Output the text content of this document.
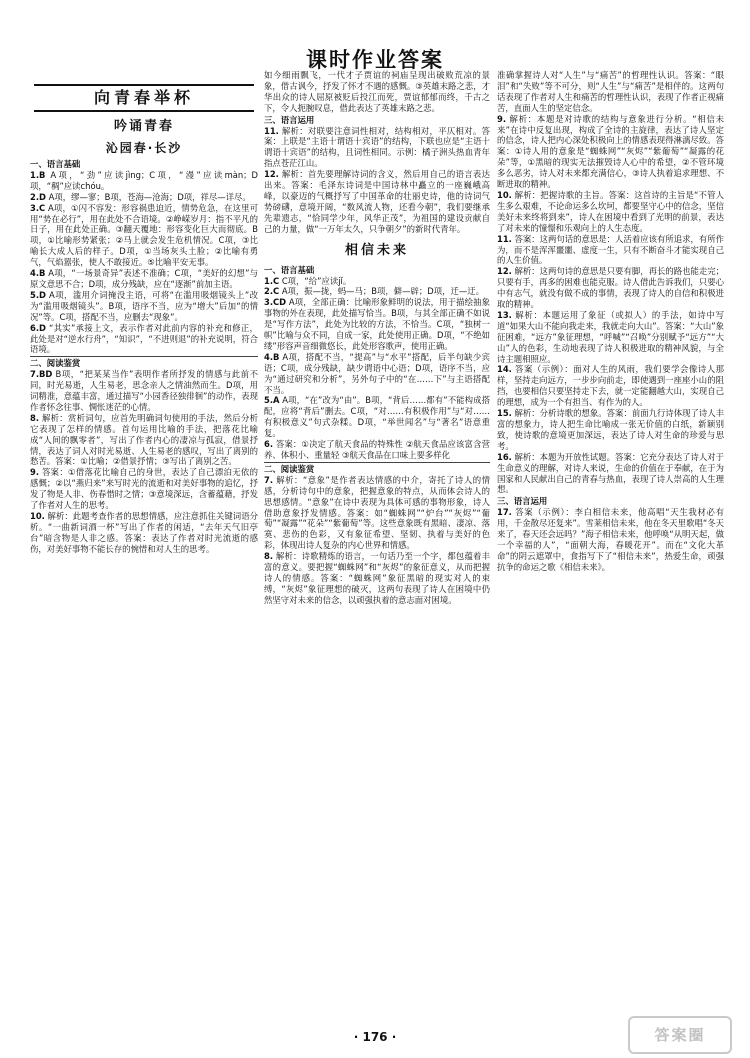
课时作业答案
向青春举杯
吟诵青春
沁园春·长沙
一、语言基础

1.B A项，“劲”应读jìng；C项，“漫”应读màn；D项，“稠”应读chóu。

2.D A项，缪—寥；B项，苍海—沧海；D项，祥尽—详尽。

3.C A项，①闪不容发：形容祸患迫近，情势危急，在这里可用“势在必行”，用在此处不合语境。②峥嵘岁月：指不平凡的日子，用在此处正确。③翻天覆地：形容变化巨大而彻底。B项，①比喻形势紧张；②马上就会发生危机情况。C项，③比喻长大成人后的样子。D项，①当场灰头土脸；②比喻有勇气，气焰嚣张，使人不敢接近。⑤比喻平安无事。

4.B A项，“一场景奇异”表述不准确；C项，“美好的幻想”与原文意思不合；D项，成分残缺，应在“逐渐”前加主语。

5.D A项，滥用介词掩没主语，可将“在滥用吸烟镜头上”改为“滥用吸烟镜头”。B项，语序不当，应为“增大”后加“的情况”等。C项，搭配不当，应删去“现象”。

6.D “其实”承接上文，表示作者对此前内容的补充和修正，此处是对“逆水行舟”，“知识”，“不进则退”的补充说明，符合语境。

二、阅读鉴赏

7.BD B项，“把某某当作”表明作者所抒发的情感与此前不同，时光易逝，人生易老，思念亲人之情油然而生。D项，用词精准，意蕴丰富，通过描写“小园香径独徘徊”的动作，表现作者怀念往事、惆怅迷茫的心情。

8. 解析：赏析词句，应首先明确词句使用的手法，然后分析它表现了怎样的情感。首句运用比喻的手法，把落花比喻成“人间的飘零者”，写出了作者内心的凄凉与孤寂，借景抒情，表达了词人对时光易逝、人生易老的感叹，写出了离别的愁苦。答案：①比喻；②借景抒情；③写出了离别之苦。

9. 答案：①借落花比喻自己的身世，表达了自己漂泊无依的感慨；②以“燕归来”来写时光的流逝和对美好事物的追忆，抒发了物是人非、伤春惜时之情；③意境深远，含蓄蕴藉，抒发了作者对人生的思考。

10. 解析：此题考查作者的思想情感，应注意抓住关键词语分析。“一曲新词酒一杯”写出了作者的闲适，“去年天气旧亭台”暗含物是人非之感。答案：表达了作者对时光流逝的感伤，对美好事物不能长存的惋惜和对人生的思考。

如今细雨飘飞，一代才子贾谊的祠庙呈现出破败荒凉的景象，借古讽今，抒发了怀才不遇的感慨。③英雄末路之悲，才华出众的诗人屈原被贬后投江而死，贾谊郁郁而终，千古之下，令人扼腕叹息，借此表达了英雄末路之悲。

三、语言运用

11. 解析：对联要注意词性相对，结构相对，平仄相对。答案：上联是“主语十谓语十宾语”的结构，下联也应是“主语十谓语十宾语”的结构，且词性相同。示例：橘子洲头热血青年指点苍茫江山。

12. 解析：首先要理解诗词的含义，然后用自己的语言表达出来。答案：毛泽东诗词是中国诗林中矗立的一座巍峨高峰，以豪迈的气概抒写了中国革命的壮丽史诗，他的诗词气势磅礴，意境开阔，“数风流人物，还看今朝”，我们要继承先辈遗志，“恰同学少年，风华正茂”，为祖国的建设贡献自己的力量，做“一万年太久，只争朝夕”的新时代青年。

相信未来
一、语言基础

1.C C项，“给”应读jǐ。

2.C A项，振—拢，蚂—马；B项，僻—辟；D项，迁—迂。

3.CD A项，全部正确：比喻形象鲜明的说法，用于描绘抽象事物的外在表现，此处描写恰当。B项，与其全部正确不如说是“写作方法”，此处为比较的方法，不恰当。C项，“独树一帜”比喻与众不同，自成一家，此处使用正确。D项，“不绝如缕”形容声音细微悠长，此处形容歌声，使用正确。

4.B A项，搭配不当，“提高”与“水平”搭配，后半句缺少宾语；C项，成分残缺，缺少谓语中心语；D项，语序不当，应为“通过研究和分析”，另外句子中的“在……下”与主语搭配不当。

5.A A项，“在”改为“由”。B项，“背后……都有”不能构成搭配，应将“背后”删去。C项，“对……有积极作用”与“对……有积极意义”句式杂糅。D项，“举世闻名”与“著名”语意重复。

6. 答案：①决定了航天食品的特殊性 ②航天食品应该富含营养、体积小、重量轻 ③航天食品在口味上要多样化

二、阅读鉴赏

7. 解析：“意象”是作者表达情感的中介，寄托了诗人的情感，分析诗句中的意象，把握意象的特点，从而体会诗人的思想感情。“意象”在诗中表现为具体可感的事物形象，诗人借助意象抒发情感。答案：如“蜘蛛网”“炉台”“灰烬”“葡萄”“凝露”“花朵”“紫葡萄”等。这些意象既有黑暗、凄凉、落寞、悲伤的色彩，又有象征希望、坚韧、执着与美好的色彩，体现出诗人复杂的内心世界和情感。

8. 解析：诗歌精炼的语言，一句话乃至一个字，都包蕴着丰富的意义。要把握“蜘蛛网”和“灰烬”的象征意义，从而把握诗人的情感。答案：“蜘蛛网”象征黑暗的现实对人的束缚，“灰烬”象征理想的破灭，这两句表现了诗人在困境中仍然坚守对未来的信念，以顽强执着的意志面对困境。

准确掌握诗人对“人生”与“痛苦”的哲理性认识。答案：“眼泪”和“失败”等不可分，则“人生”与“痛苦”是相伴的。这两句话表现了作者对人生和痛苦的哲理性认识，表现了作者正视痛苦，直面人生的坚定信念。

9. 解析：本题是对诗歌的结构与意象进行分析。“相信未来”在诗中反复出现，构成了全诗的主旋律，表达了诗人坚定的信念，诗人把内心深处积极向上的情感表现得淋漓尽致。答案：①诗人用的意象是“蜘蛛网”“灰烬”“紫葡萄”“凝露的花朵”等，①黑暗的现实无法摧毁诗人心中的希望，②不管环境多么恶劣，诗人对未来都充满信心，③诗人执着追求理想、不断进取的精神。

10. 解析：把握诗歌的主旨。答案：这首诗的主旨是“不管人生多么艰难，不论命运多么坎坷，都要坚守心中的信念，坚信美好未来终将到来”，诗人在困境中看到了光明的前景，表达了对未来的憧憬和乐观向上的人生态度。

11. 答案：这两句话的意思是：人活着应该有所追求，有所作为，而不是浑浑噩噩、虚度一生，只有不断奋斗才能实现自己的人生价值。

12. 解析：这两句诗的意思是只要有脚，再长的路也能走完；只要有手，再多的困难也能克服。诗人借此告诉我们，只要心中有志气，就没有做不成的事情，表现了诗人的自信和积极进取的精神。

13. 解析：本题运用了象征（或拟人）的手法，如诗中写道“如果大山不能向我走来，我就走向大山”。答案：“大山”象征困难，“远方”象征理想，“呼喊”“召唤”分别赋予“远方”“大山”人的色彩，生动地表现了诗人积极进取的精神风貌，与全诗主题相照应。

14. 答案（示例）：面对人生的风雨，我们要学会像诗人那样，坚持走向远方，一步步向前走，即使遇到一座座小山的阻挡，也要相信只要坚持走下去，就一定能翻越大山，实现自己的理想，成为一个有担当、有作为的人。

15. 解析：分析诗歌的想象。答案：前面九行诗体现了诗人丰富的想象力，诗人把生命比喻成一张无价值的白纸，新颖别致，使诗歌的意境更加深远，表达了诗人对生命的珍爱与思考。

16. 解析：本题为开放性试题。答案：它充分表达了诗人对于生命意义的理解，对诗人来说，生命的价值在于奉献，在于为国家和人民献出自己的青春与热血，表现了诗人崇高的人生理想。

三、语言运用

17. 答案（示例）：李白相信未来，他高唱“天生我材必有用，千金散尽还复来”。雪莱相信未来，他在冬天里歌唱“冬天来了，春天还会远吗？”海子相信未来，他呼唤“从明天起，做一个幸福的人”，“面朝大海，春暖花开”。而在“文化大革命”的阴云遮罩中，食指写下了“相信未来”，热爱生命，顽强抗争的命运之歌《相信未来》。

· 176 ·	答案圈
